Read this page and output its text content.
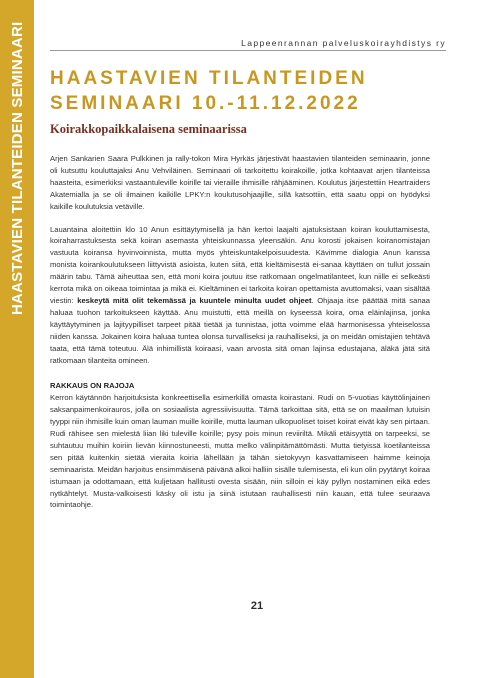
HAASTAVIEN TILANTEIDEN SEMINAARI	Lappeenrannan palveluskoirayhdistys ry
HAASTAVIEN TILANTEIDEN
SEMINAARI 10.-11.12.2022
Koirakkopaikkalaisena seminaarissa

Arjen Sankarien Saara Pulkkinen ja rally-tokon Mira Hyrkäs järjestivät haastavien tilanteiden seminaarin, jonne oli kutsuttu kouluttajaksi Anu Vehviläinen. Seminaari oli tarkoitettu koirakoille, jotka kohtaavat arjen tilanteissa haasteita, esimerkiksi vastaantuleville koirille tai vieraille ihmisille rähjääminen. Koulutus järjestettiin Heartraiders Akatemialla ja se oli ilmainen kaikille LPKY:n koulutusohjaajille, sillä katsottiin, että saatu oppi on hyödyksi kaikille koulutuksia vetäville.

Lauantaina aloitettiin klo 10 Anun esittäytymisellä ja hän kertoi laajalti ajatuksistaan koiran kouluttamisesta, koiraharrastuksesta sekä koiran asemasta yhteiskunnassa yleensäkin. Anu korosti jokaisen koiranomistajan vastuuta koiransa hyvinvoinnista, mutta myös yhteiskuntakelpoisuudesta. Kävimme dialogia Anun kanssa monista koirankoulutukseen liittyvistä asioista, kuten siitä, että kieltämisestä ei-sanaa käyttäen on tullut jossain määrin tabu. Tämä aiheuttaa sen, että moni koira joutuu itse ratkomaan ongelmatilanteet, kun niille ei selkeästi kerrota mikä on oikeaa toimintaa ja mikä ei. Kieltäminen ei tarkoita koiran opettamista avuttomaksi, vaan sisältää viestin: keskeytä mitä olit tekemässä ja kuuntele minulta uudet ohjeet. Ohjaaja itse päättää mitä sanaa haluaa tuohon tarkoitukseen käyttää. Anu muistutti, että meillä on kyseessä koira, oma eläinlajinsa, jonka käyttäytyminen ja lajityypilliset tarpeet pitää tietää ja tunnistaa, jotta voimme elää harmonisessa yhteiselossa niiden kanssa. Jokainen koira haluaa tuntea olonsa turvalliseksi ja rauhalliseksi, ja on meidän omistajien tehtävä taata, että tämä toteutuu. Älä inhimillistä koiraasi, vaan arvosta sitä oman lajinsa edustajana, äläkä jätä sitä ratkomaan tilanteita omineen.

RAKKAUS ON RAJOJA

Kerron käytännön harjoituksista konkreettisella esimerkillä omasta koirastani. Rudi on 5-vuotias käyttölinjainen saksanpaimenkoirauros, jolla on sosiaalista agressiivisuutta. Tämä tarkoittaa sitä, että se on maailman lutuisin tyyppi niin ihmisille kuin oman lauman muille koirille, mutta lauman ulkopuoliset toiset koirat eivät käy sen pirtaan. Rudi rähisee sen mielestä liian liki tuleville koirille; pysy pois minun reviiriltä. Mikäli etäisyyttä on tarpeeksi, se suhtautuu muihin koiriin lievän kiinnostuneesti, mutta melko välinpitämättömästi. Mutta tietyissä koetilanteissa sen pitää kuitenkin sietää vieraita koiria lähellään ja tähän sietokyvyn kasvattamiseen haimme keinoja seminaarista. Meidän harjoitus ensimmäisenä päivänä alkoi halliin sisälle tulemisesta, eli kun olin pyytänyt koiraa istumaan ja odottamaan, että kuljetaan hallitusti ovesta sisään, niin silloin ei käy pyllyn nostaminen eikä edes nytkähtelyt. Musta-valkoisesti käsky oli istu ja siinä istutaan rauhallisesti niin kauan, että tulee seuraava toimintaohje.

21
